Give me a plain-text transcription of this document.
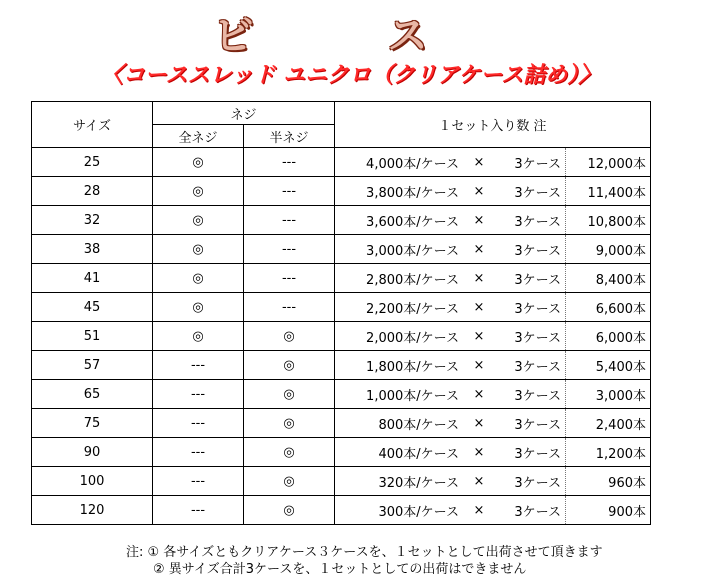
ビ ス
〈コーススレッド ユニクロ（クリアケース詰め）〉
サイズ	ネジ		１セット入り数 注			
	全ネジ	半ネジ				
25	◎	---	4,000本/ケース	×	3ケース	12,000本
28	◎	---	3,800本/ケース	×	3ケース	11,400本
32	◎	---	3,600本/ケース	×	3ケース	10,800本
38	◎	---	3,000本/ケース	×	3ケース	9,000本
41	◎	---	2,800本/ケース	×	3ケース	8,400本
45	◎	---	2,200本/ケース	×	3ケース	6,600本
51	◎	◎	2,000本/ケース	×	3ケース	6,000本
57	---	◎	1,800本/ケース	×	3ケース	5,400本
65	---	◎	1,000本/ケース	×	3ケース	3,000本
75	---	◎	800本/ケース	×	3ケース	2,400本
90	---	◎	400本/ケース	×	3ケース	1,200本
100	---	◎	320本/ケース	×	3ケース	960本
120	---	◎	300本/ケース	×	3ケース	900本
注: ① 各サイズともクリアケース３ケースを、１セットとして出荷させて頂きます
② 異サイズ合計3ケースを、１セットとしての出荷はできません
